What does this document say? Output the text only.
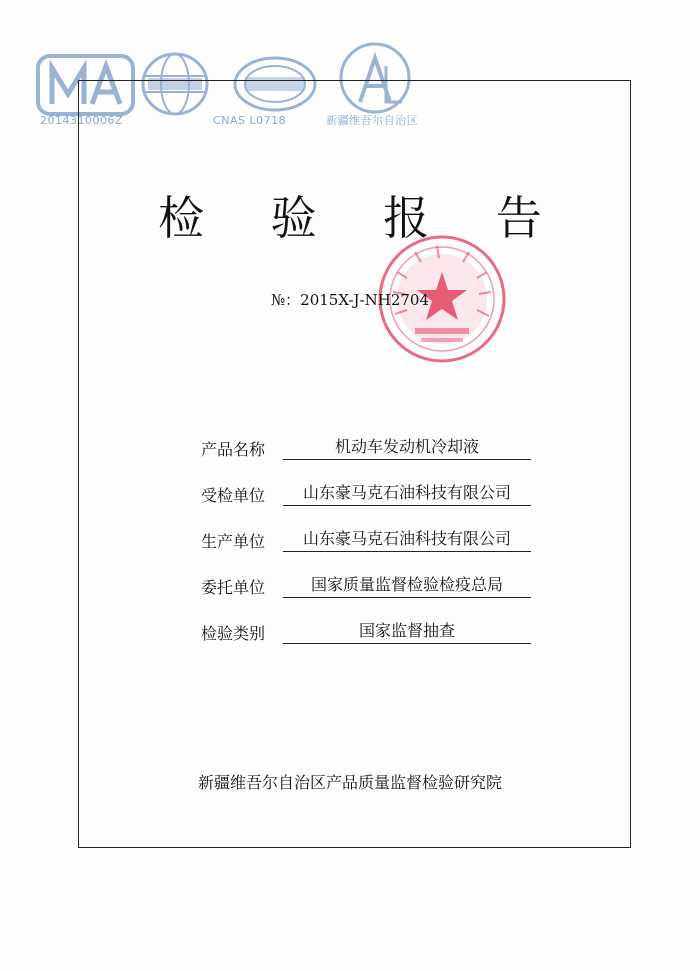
2014310006Z	CNAS L0718	新疆维吾尔自治区
检 验 报 告
№：2015X-J-NH2704
产品名称	机动车发动机冷却液
受检单位	山东豪马克石油科技有限公司
生产单位	山东豪马克石油科技有限公司
委托单位	国家质量监督检验检疫总局
检验类别	国家监督抽查
新疆维吾尔自治区产品质量监督检验研究院
